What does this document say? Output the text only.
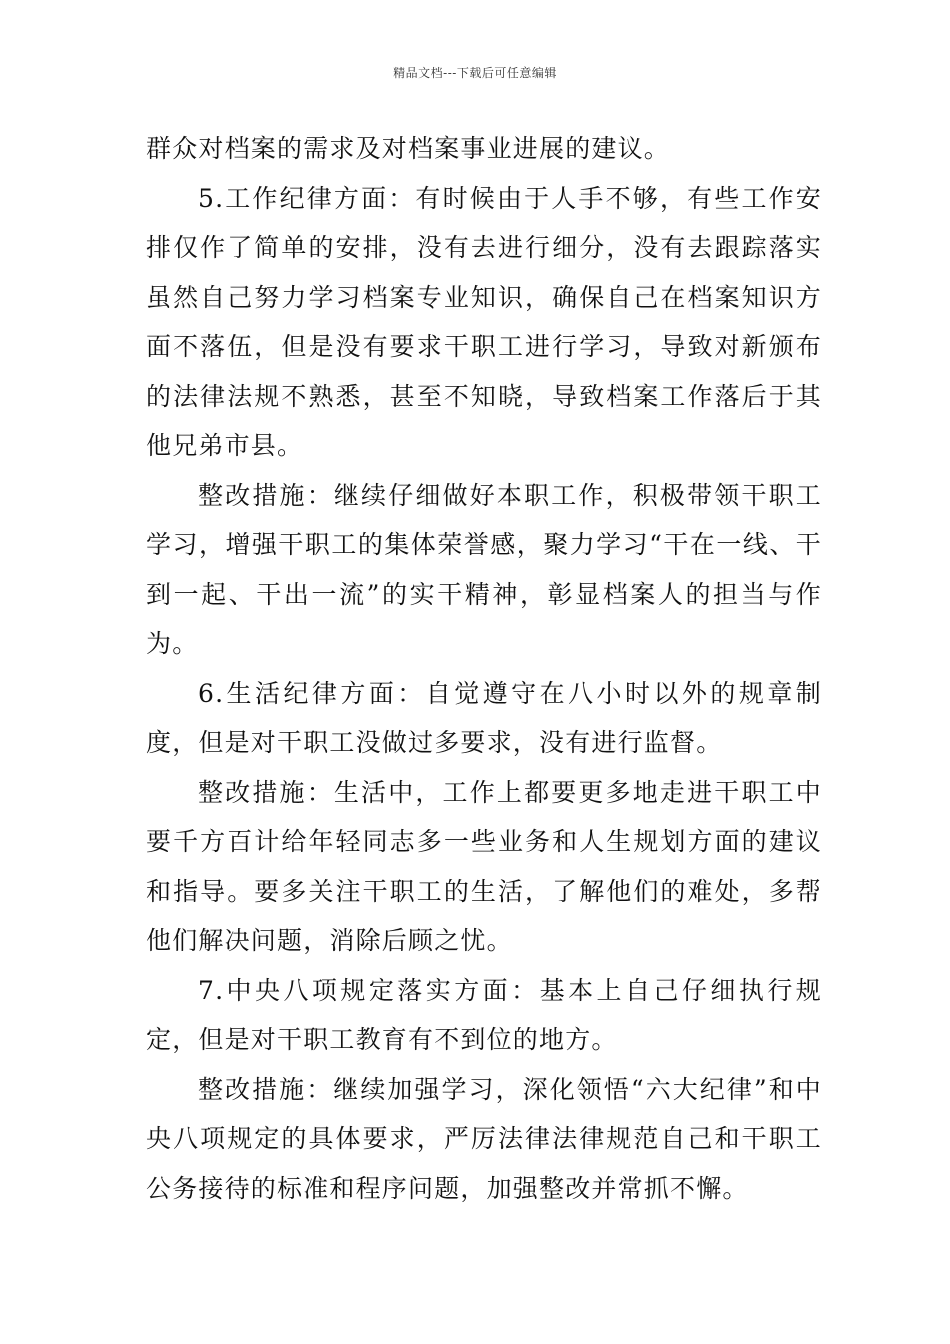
精品文档---下载后可任意编辑

群众对档案的需求及对档案事业进展的建议。

5.工作纪律方面：有时候由于人手不够，有些工作安排仅作了简单的安排，没有去进行细分，没有去跟踪落实虽然自己努力学习档案专业知识，确保自己在档案知识方面不落伍，但是没有要求干职工进行学习，导致对新颁布的法律法规不熟悉，甚至不知晓，导致档案工作落后于其他兄弟市县。

整改措施：继续仔细做好本职工作，积极带领干职工学习，增强干职工的集体荣誉感，聚力学习“干在一线、干到一起、干出一流”的实干精神，彰显档案人的担当与作为。

6.生活纪律方面：自觉遵守在八小时以外的规章制度，但是对干职工没做过多要求，没有进行监督。

整改措施：生活中，工作上都要更多地走进干职工中要千方百计给年轻同志多一些业务和人生规划方面的建议和指导。要多关注干职工的生活，了解他们的难处，多帮他们解决问题，消除后顾之忧。

7.中央八项规定落实方面：基本上自己仔细执行规定，但是对干职工教育有不到位的地方。

整改措施：继续加强学习，深化领悟“六大纪律”和中央八项规定的具体要求，严厉法律法律规范自己和干职工公务接待的标准和程序问题，加强整改并常抓不懈。
